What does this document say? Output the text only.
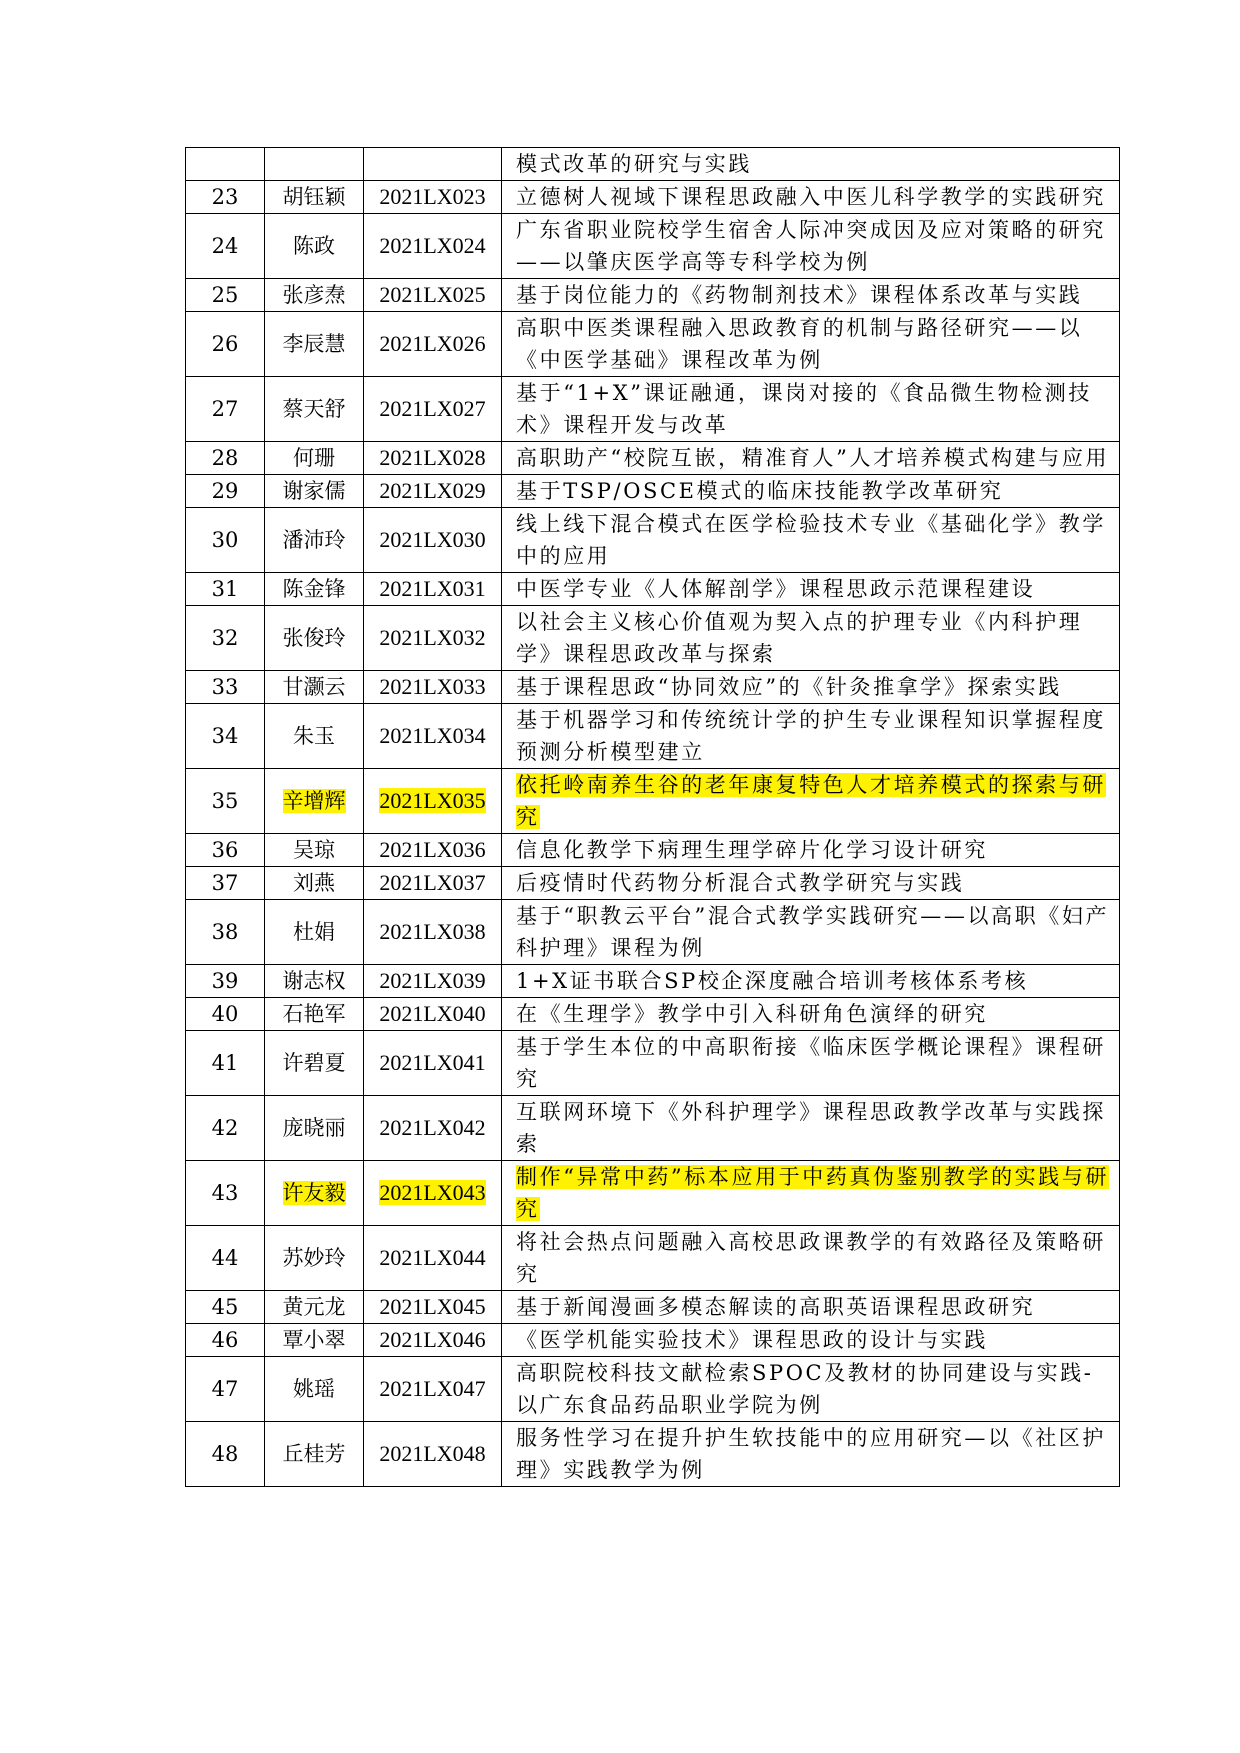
			模式改革的研究与实践
23	胡钰颖	2021LX023	立德树人视域下课程思政融入中医儿科学教学的实践研究
24	陈政	2021LX024	广东省职业院校学生宿舍人际冲突成因及应对策略的研究——以肇庆医学高等专科学校为例
25	张彦焘	2021LX025	基于岗位能力的《药物制剂技术》课程体系改革与实践
26	李辰慧	2021LX026	高职中医类课程融入思政教育的机制与路径研究——以《中医学基础》课程改革为例
27	蔡天舒	2021LX027	基于“1+X”课证融通，课岗对接的《食品微生物检测技术》课程开发与改革
28	何珊	2021LX028	高职助产“校院互嵌，精准育人”人才培养模式构建与应用
29	谢家儒	2021LX029	基于TSP/OSCE模式的临床技能教学改革研究
30	潘沛玲	2021LX030	线上线下混合模式在医学检验技术专业《基础化学》教学中的应用
31	陈金锋	2021LX031	中医学专业《人体解剖学》课程思政示范课程建设
32	张俊玲	2021LX032	以社会主义核心价值观为契入点的护理专业《内科护理学》课程思政改革与探索
33	甘灏云	2021LX033	基于课程思政“协同效应”的《针灸推拿学》探索实践
34	朱玉	2021LX034	基于机器学习和传统统计学的护生专业课程知识掌握程度预测分析模型建立
35	辛增辉	2021LX035	依托岭南养生谷的老年康复特色人才培养模式的探索与研究
36	吴琼	2021LX036	信息化教学下病理生理学碎片化学习设计研究
37	刘燕	2021LX037	后疫情时代药物分析混合式教学研究与实践
38	杜娟	2021LX038	基于“职教云平台”混合式教学实践研究——以高职《妇产科护理》课程为例
39	谢志权	2021LX039	1+X证书联合SP校企深度融合培训考核体系考核
40	石艳军	2021LX040	在《生理学》教学中引入科研角色演绎的研究
41	许碧夏	2021LX041	基于学生本位的中高职衔接《临床医学概论课程》课程研究
42	庞晓丽	2021LX042	互联网环境下《外科护理学》课程思政教学改革与实践探索
43	许友毅	2021LX043	制作“异常中药”标本应用于中药真伪鉴别教学的实践与研究
44	苏妙玲	2021LX044	将社会热点问题融入高校思政课教学的有效路径及策略研究
45	黄元龙	2021LX045	基于新闻漫画多模态解读的高职英语课程思政研究
46	覃小翠	2021LX046	《医学机能实验技术》课程思政的设计与实践
47	姚瑶	2021LX047	高职院校科技文献检索SPOC及教材的协同建设与实践-以广东食品药品职业学院为例
48	丘桂芳	2021LX048	服务性学习在提升护生软技能中的应用研究—以《社区护理》实践教学为例
